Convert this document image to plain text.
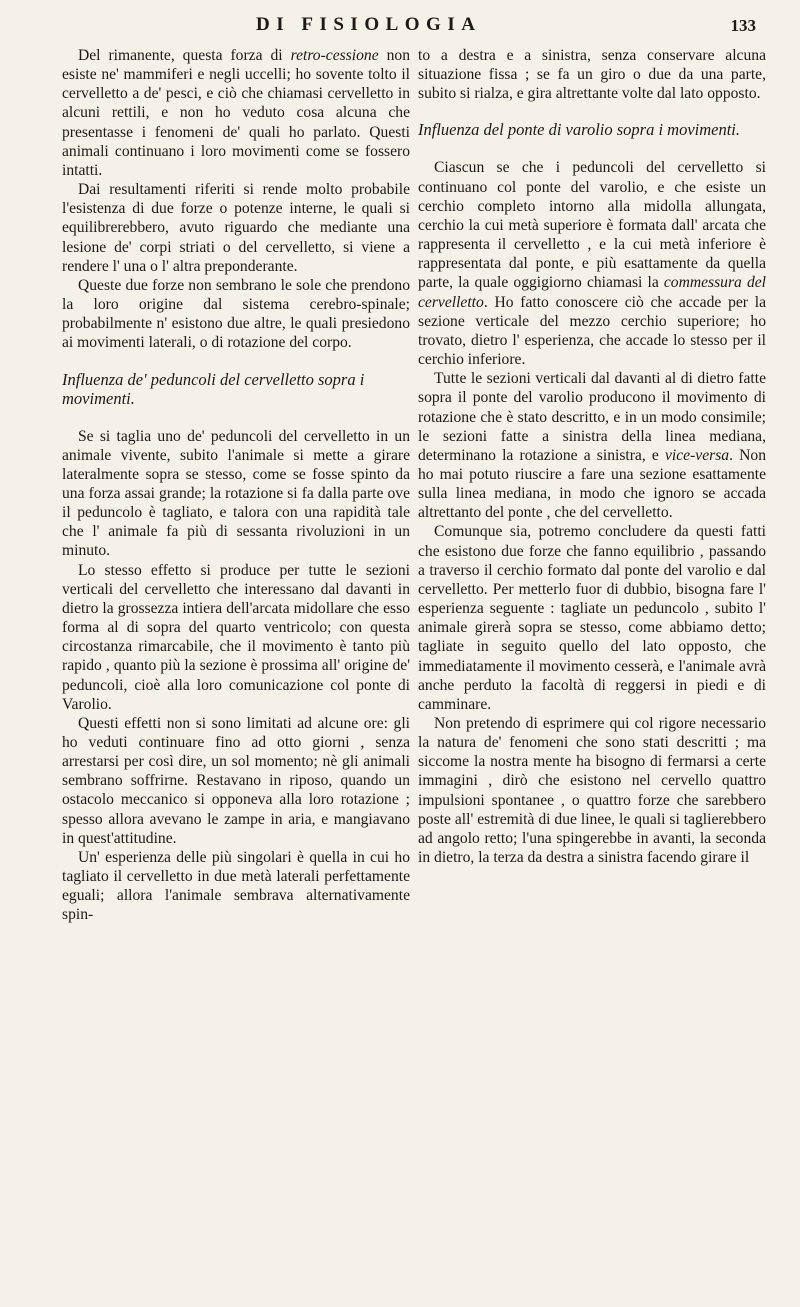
DI FISIOLOGIA	133

Del rimanente, questa forza di retro-cessione non esiste ne' mammiferi e negli uccelli; ho sovente tolto il cervelletto a de' pesci, e ciò che chiamasi cervelletto in alcuni rettili, e non ho veduto cosa alcuna che presentasse i fenomeni de' quali ho parlato. Questi animali continuano i loro movimenti come se fossero intatti.

Dai resultamenti riferiti si rende molto probabile l'esistenza di due forze o potenze interne, le quali si equilibrerebbero, avuto riguardo che mediante una lesione de' corpi striati o del cervelletto, si viene a rendere l' una o l' altra preponderante.

Queste due forze non sembrano le sole che prendono la loro origine dal sistema cerebro-spinale; probabilmente n' esistono due altre, le quali presiedono ai movimenti laterali, o di rotazione del corpo.

Influenza de' peduncoli del cervelletto sopra i movimenti.

Se si taglia uno de' peduncoli del cervelletto in un animale vivente, subito l'animale si mette a girare lateralmente sopra se stesso, come se fosse spinto da una forza assai grande; la rotazione si fa dalla parte ove il peduncolo è tagliato, e talora con una rapidità tale che l' animale fa più di sessanta rivoluzioni in un minuto.

Lo stesso effetto si produce per tutte le sezioni verticali del cervelletto che interessano dal davanti in dietro la grossezza intiera dell'arcata midollare che esso forma al di sopra del quarto ventricolo; con questa circostanza rimarcabile, che il movimento è tanto più rapido , quanto più la sezione è prossima all' origine de' peduncoli, cioè alla loro comunicazione col ponte di Varolio.

Questi effetti non si sono limitati ad alcune ore: gli ho veduti continuare fino ad otto giorni , senza arrestarsi per così dire, un sol momento; nè gli animali sembrano soffrirne. Restavano in riposo, quando un ostacolo meccanico si opponeva alla loro rotazione ; spesso allora avevano le zampe in aria, e mangiavano in quest'attitudine.

Un' esperienza delle più singolari è quella in cui ho tagliato il cervelletto in due metà laterali perfettamente eguali; allora l'animale sembrava alternativamente spin-

to a destra e a sinistra, senza conservare alcuna situazione fissa ; se fa un giro o due da una parte, subito si rialza, e gira altrettante volte dal lato opposto.

Influenza del ponte di varolio sopra i movimenti.

Ciascun se che i peduncoli del cervelletto si continuano col ponte del varolio, e che esiste un cerchio completo intorno alla midolla allungata, cerchio la cui metà superiore è formata dall' arcata che rappresenta il cervelletto , e la cui metà inferiore è rappresentata dal ponte, e più esattamente da quella parte, la quale oggigiorno chiamasi la commessura del cervelletto. Ho fatto conoscere ciò che accade per la sezione verticale del mezzo cerchio superiore; ho trovato, dietro l' esperienza, che accade lo stesso per il cerchio inferiore.

Tutte le sezioni verticali dal davanti al di dietro fatte sopra il ponte del varolio producono il movimento di rotazione che è stato descritto, e in un modo consimile; le sezioni fatte a sinistra della linea mediana, determinano la rotazione a sinistra, e vice-versa. Non ho mai potuto riuscire a fare una sezione esattamente sulla linea mediana, in modo che ignoro se accada altrettanto del ponte , che del cervelletto.

Comunque sia, potremo concludere da questi fatti che esistono due forze che fanno equilibrio , passando a traverso il cerchio formato dal ponte del varolio e dal cervelletto. Per metterlo fuor di dubbio, bisogna fare l' esperienza seguente : tagliate un peduncolo , subito l' animale girerà sopra se stesso, come abbiamo detto; tagliate in seguito quello del lato opposto, che immediatamente il movimento cesserà, e l'animale avrà anche perduto la facoltà di reggersi in piedi e di camminare.

Non pretendo di esprimere qui col rigore necessario la natura de' fenomeni che sono stati descritti ; ma siccome la nostra mente ha bisogno di fermarsi a certe immagini , dirò che esistono nel cervello quattro impulsioni spontanee , o quattro forze che sarebbero poste all' estremità di due linee, le quali si taglierebbero ad angolo retto; l'una spingerebbe in avanti, la seconda in dietro, la terza da destra a sinistra facendo girare il
